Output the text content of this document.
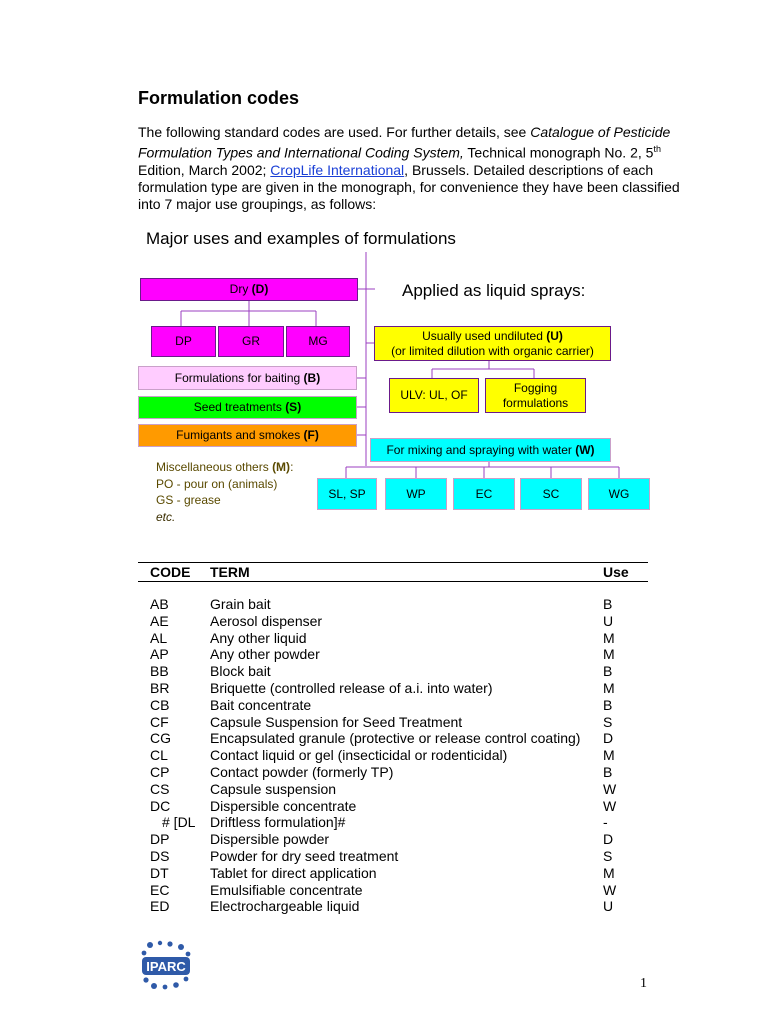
Formulation codes
The following standard codes are used. For further details, see Catalogue of Pesticide Formulation Types and International Coding System, Technical monograph No. 2, 5th Edition, March 2002; CropLife International, Brussels. Detailed descriptions of each formulation type are given in the monograph, for convenience they have been classified into 7 major use groupings, as follows:
Major uses and examples of formulations
Applied as liquid sprays:
Dry (D)
DP	GR	MG
Formulations for baiting (B)
Seed treatments (S)
Fumigants and smokes (F)
Usually used undiluted (U)
(or limited dilution with organic carrier)
ULV: UL, OF
Fogging formulations
For mixing and spraying with water (W)
SL, SP	WP	EC	SC	WG
Miscellaneous others (M):
PO - pour on (animals)
GS - grease
etc.
CODE TERM	Use
AB	Grain bait	B
AE	Aerosol dispenser	U
AL	Any other liquid	M
AP	Any other powder	M
BB	Block bait	B
BR	Briquette (controlled release of a.i. into water)	M
CB	Bait concentrate	B
CF	Capsule Suspension for Seed Treatment	S
CG	Encapsulated granule (protective or release control coating) D
CL	Contact liquid or gel (insecticidal or rodenticidal)	M
CP	Contact powder (formerly TP)	B
CS	Capsule suspension	W
DC	Dispersible concentrate	W
# [DL Driftless formulation]#	-
DP	Dispersible powder	D
DS	Powder for dry seed treatment	S
DT	Tablet for direct application	M
EC	Emulsifiable concentrate	W
ED	Electrochargeable liquid	U
IPARC
1
